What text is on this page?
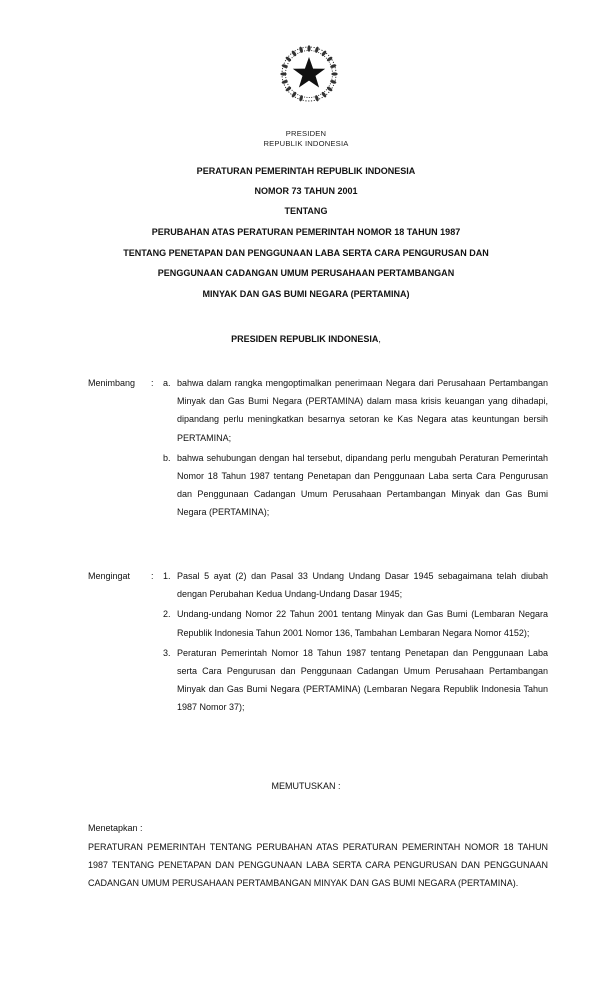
PRESIDEN
REPUBLIK INDONESIA
PERATURAN PEMERINTAH REPUBLIK INDONESIA
NOMOR 73 TAHUN 2001
TENTANG
PERUBAHAN ATAS PERATURAN PEMERINTAH NOMOR 18 TAHUN 1987
TENTANG PENETAPAN DAN PENGGUNAAN LABA SERTA CARA PENGURUSAN DAN
PENGGUNAAN CADANGAN UMUM PERUSAHAAN PERTAMBANGAN
MINYAK DAN GAS BUMI NEGARA (PERTAMINA)
PRESIDEN REPUBLIK INDONESIA,
Menimbang	: a. bahwa dalam rangka mengoptimalkan penerimaan Negara dari Perusahaan Pertambangan Minyak dan Gas Bumi Negara (PERTAMINA) dalam masa krisis keuangan yang dihadapi, dipandang perlu meningkatkan besarnya setoran ke Kas Negara atas keuntungan bersih PERTAMINA;
b. bahwa sehubungan dengan hal tersebut, dipandang perlu mengubah Peraturan Pemerintah Nomor 18 Tahun 1987 tentang Penetapan dan Penggunaan Laba serta Cara Pengurusan dan Penggunaan Cadangan Umum Perusahaan Pertambangan Minyak dan Gas Bumi Negara (PERTAMINA);
Mengingat	: 1. Pasal 5 ayat (2) dan Pasal 33 Undang Undang Dasar 1945 sebagaimana telah diubah dengan Perubahan Kedua Undang-Undang Dasar 1945;
2. Undang-undang Nomor 22 Tahun 2001 tentang Minyak dan Gas Bumi (Lembaran Negara Republik Indonesia Tahun 2001 Nomor 136, Tambahan Lembaran Negara Nomor 4152);
3. Peraturan Pemerintah Nomor 18 Tahun 1987 tentang Penetapan dan Penggunaan Laba serta Cara Pengurusan dan Penggunaan Cadangan Umum Perusahaan Pertambangan Minyak dan Gas Bumi Negara (PERTAMINA) (Lembaran Negara Republik Indonesia Tahun 1987 Nomor 37);
MEMUTUSKAN :
Menetapkan :
PERATURAN PEMERINTAH TENTANG PERUBAHAN ATAS PERATURAN PEMERINTAH NOMOR 18 TAHUN 1987 TENTANG PENETAPAN DAN PENGGUNAAN LABA SERTA CARA PENGURUSAN DAN PENGGUNAAN CADANGAN UMUM PERUSAHAAN PERTAMBANGAN MINYAK DAN GAS BUMI NEGARA (PERTAMINA).
